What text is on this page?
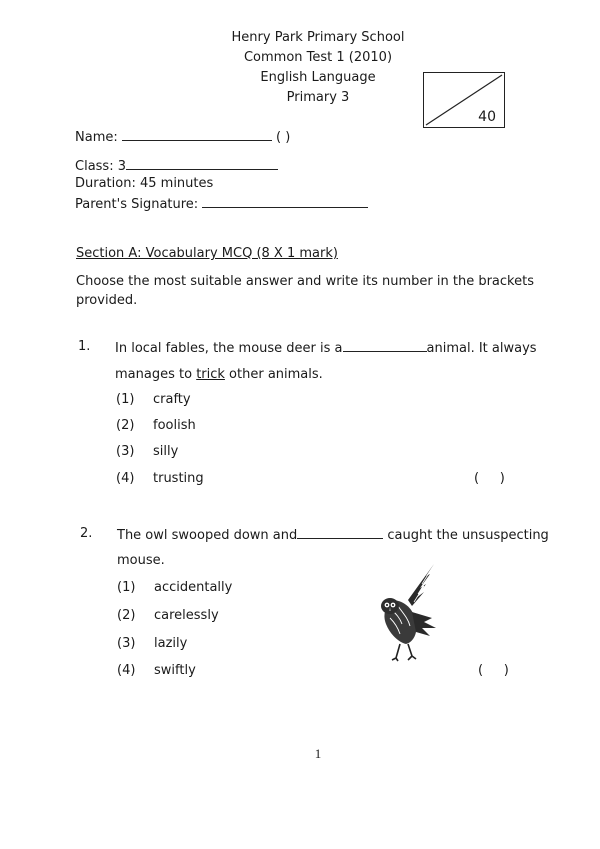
Henry Park Primary School
Common Test 1 (2010)
English Language
Primary 3
40
Name:	( )
Class: 3
Duration: 45 minutes
Parent's Signature:
Section A: Vocabulary MCQ (8 X 1 mark)
Choose the most suitable answer and write its number in the brackets
provided.
1. In local fables, the mouse deer is a	animal. It always
manages to trick other animals.
(1) crafty
(2) foolish
(3) silly
(4) trusting	(     )
2. The owl swooped down and	caught the unsuspecting
mouse.
(1) accidentally
(2) carelessly
(3) lazily
(4) swiftly	(     )
1
